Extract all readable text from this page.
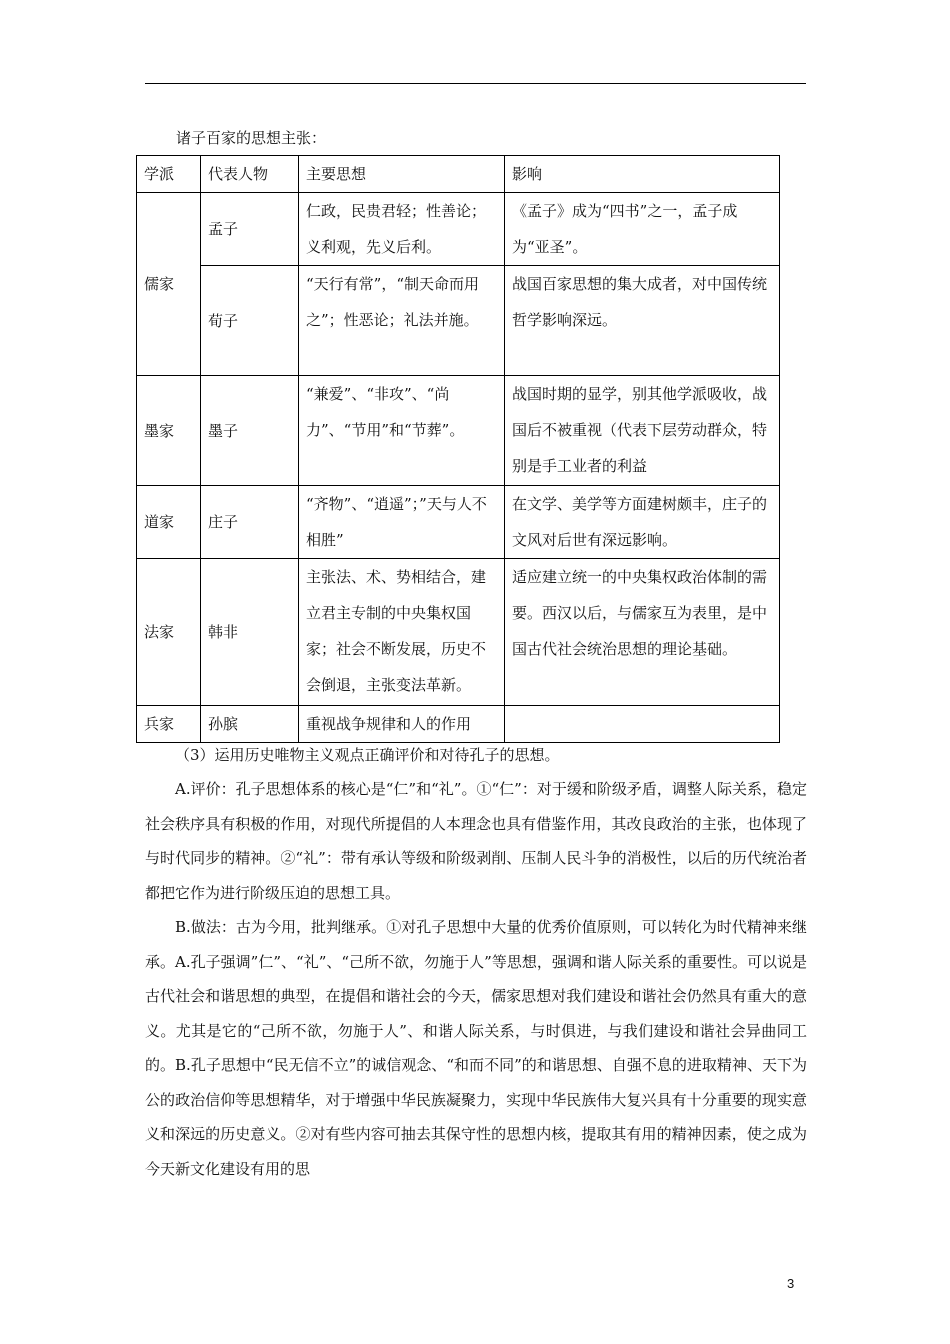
诸子百家的思想主张：
学派	代表人物	主要思想	影响
儒家	孟子	仁政，民贵君轻；性善论；义利观，先义后利。	《孟子》成为“四书”之一，孟子成为“亚圣”。
	荀子	“天行有常”，“制天命而用之”；性恶论；礼法并施。	战国百家思想的集大成者，对中国传统哲学影响深远。
墨家	墨子	“兼爱”、“非攻”、“尚力”、“节用”和“节葬”。	战国时期的显学，别其他学派吸收，战国后不被重视（代表下层劳动群众，特别是手工业者的利益
道家	庄子	“齐物”、“逍遥”；”天与人不相胜”	在文学、美学等方面建树颇丰，庄子的文风对后世有深远影响。
法家	韩非	主张法、术、势相结合，建立君主专制的中央集权国家；社会不断发展，历史不会倒退，主张变法革新。	适应建立统一的中央集权政治体制的需要。西汉以后，与儒家互为表里，是中国古代社会统治思想的理论基础。
兵家	孙膑	重视战争规律和人的作用	

（3）运用历史唯物主义观点正确评价和对待孔子的思想。

A.评价：孔子思想体系的核心是“仁”和“礼”。①“仁”：对于缓和阶级矛盾，调整人际关系，稳定社会秩序具有积极的作用，对现代所提倡的人本理念也具有借鉴作用，其改良政治的主张，也体现了与时代同步的精神。②“礼”：带有承认等级和阶级剥削、压制人民斗争的消极性，以后的历代统治者都把它作为进行阶级压迫的思想工具。

B.做法：古为今用，批判继承。①对孔子思想中大量的优秀价值原则，可以转化为时代精神来继承。A.孔子强调”仁”、“礼”、“己所不欲，勿施于人”等思想，强调和谐人际关系的重要性。可以说是古代社会和谐思想的典型，在提倡和谐社会的今天，儒家思想对我们建设和谐社会仍然具有重大的意义。尤其是它的“己所不欲，勿施于人”、和谐人际关系，与时俱进，与我们建设和谐社会异曲同工的。B.孔子思想中“民无信不立”的诚信观念、“和而不同”的和谐思想、自强不息的进取精神、天下为公的政治信仰等思想精华，对于增强中华民族凝聚力，实现中华民族伟大复兴具有十分重要的现实意义和深远的历史意义。②对有些内容可抽去其保守性的思想内核，提取其有用的精神因素，使之成为今天新文化建设有用的思

3
